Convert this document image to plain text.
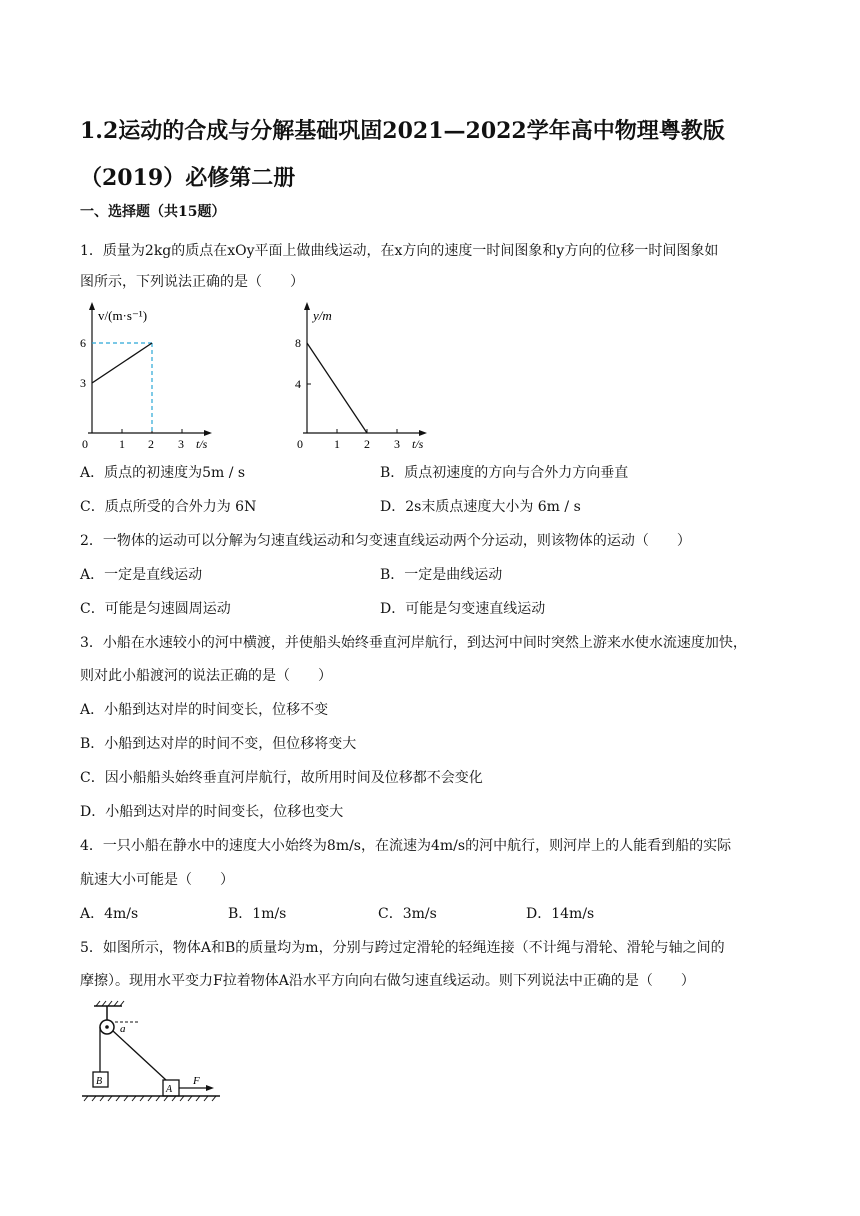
1.2运动的合成与分解基础巩固2021—2022学年高中物理粤教版（2019）必修第二册
一、选择题（共15题）
1．质量为2kg的质点在xOy平面上做曲线运动，在x方向的速度一时间图象和y方向的位移一时间图象如
图所示，下列说法正确的是（　　）
v/(m·s⁻¹)
0	1 2 3 t/s
3
6
y/m
0	1 2 3 t/s
4
8
A．质点的初速度为5m / s	B．质点初速度的方向与合外力方向垂直
C．质点所受的合外力为 6N	D．2s末质点速度大小为 6m / s
2．一物体的运动可以分解为匀速直线运动和匀变速直线运动两个分运动，则该物体的运动（　　）
A．一定是直线运动	B．一定是曲线运动
C．可能是匀速圆周运动	D．可能是匀变速直线运动
3．小船在水速较小的河中横渡，并使船头始终垂直河岸航行，到达河中间时突然上游来水使水流速度加快，
则对此小船渡河的说法正确的是（　　）
A．小船到达对岸的时间变长，位移不变
B．小船到达对岸的时间不变，但位移将变大
C．因小船船头始终垂直河岸航行，故所用时间及位移都不会变化
D．小船到达对岸的时间变长，位移也变大
4．一只小船在静水中的速度大小始终为8m/s，在流速为4m/s的河中航行，则河岸上的人能看到船的实际
航速大小可能是（　　）
A．4m/s	B．1m/s	C．3m/s	D．14m/s
5．如图所示，物体A和B的质量均为m，分别与跨过定滑轮的轻绳连接（不计绳与滑轮、滑轮与轴之间的
摩擦）。现用水平变力F拉着物体A沿水平方向向右做匀速直线运动。则下列说法中正确的是（　　）
a
B
A
F
